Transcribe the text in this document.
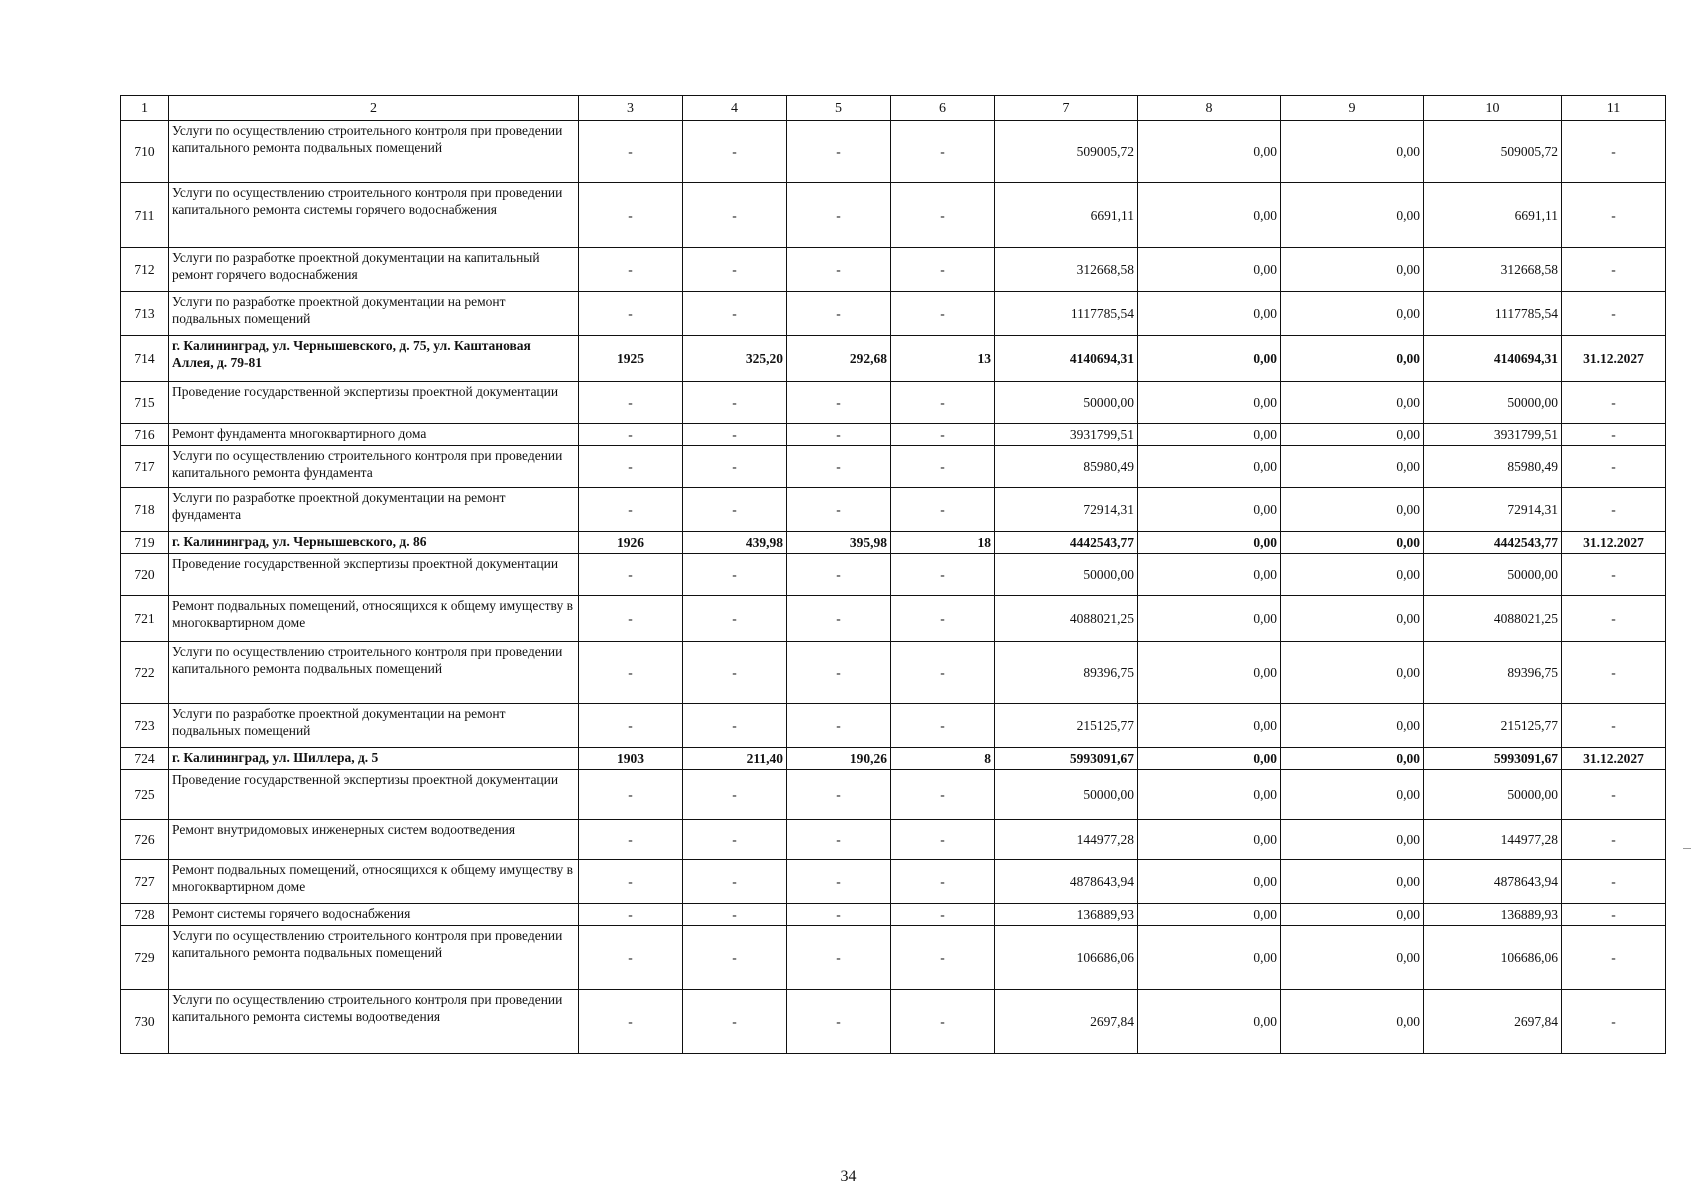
1	2	3	4	5	6	7	8	9	10	11
710	Услуги по осуществлению строительного контроля при проведении капитального ремонта подвальных помещений	-	-	-	-	509005,72	0,00	0,00	509005,72	-
711	Услуги по осуществлению строительного контроля при проведении капитального ремонта системы горячего водоснабжения	-	-	-	-	6691,11	0,00	0,00	6691,11	-
712	Услуги по разработке проектной документации на капитальный ремонт горячего водоснабжения	-	-	-	-	312668,58	0,00	0,00	312668,58	-
713	Услуги по разработке проектной документации на ремонт подвальных помещений	-	-	-	-	1117785,54	0,00	0,00	1117785,54	-
714	г. Калининград, ул. Чернышевского, д. 75, ул. Каштановая Аллея, д. 79-81	1925	325,20	292,68	13	4140694,31	0,00	0,00	4140694,31	31.12.2027
715	Проведение государственной экспертизы проектной документации	-	-	-	-	50000,00	0,00	0,00	50000,00	-
716	Ремонт фундамента многоквартирного дома	-	-	-	-	3931799,51	0,00	0,00	3931799,51	-
717	Услуги по осуществлению строительного контроля при проведении капитального ремонта фундамента	-	-	-	-	85980,49	0,00	0,00	85980,49	-
718	Услуги по разработке проектной документации на ремонт фундамента	-	-	-	-	72914,31	0,00	0,00	72914,31	-
719	г. Калининград, ул. Чернышевского, д. 86	1926	439,98	395,98	18	4442543,77	0,00	0,00	4442543,77	31.12.2027
720	Проведение государственной экспертизы проектной документации	-	-	-	-	50000,00	0,00	0,00	50000,00	-
721	Ремонт подвальных помещений, относящихся к общему имуществу в многоквартирном доме	-	-	-	-	4088021,25	0,00	0,00	4088021,25	-
722	Услуги по осуществлению строительного контроля при проведении капитального ремонта подвальных помещений	-	-	-	-	89396,75	0,00	0,00	89396,75	-
723	Услуги по разработке проектной документации на ремонт подвальных помещений	-	-	-	-	215125,77	0,00	0,00	215125,77	-
724	г. Калининград, ул. Шиллера, д. 5	1903	211,40	190,26	8	5993091,67	0,00	0,00	5993091,67	31.12.2027
725	Проведение государственной экспертизы проектной документации	-	-	-	-	50000,00	0,00	0,00	50000,00	-
726	Ремонт внутридомовых инженерных систем водоотведения	-	-	-	-	144977,28	0,00	0,00	144977,28	-
727	Ремонт подвальных помещений, относящихся к общему имуществу в многоквартирном доме	-	-	-	-	4878643,94	0,00	0,00	4878643,94	-
728	Ремонт системы горячего водоснабжения	-	-	-	-	136889,93	0,00	0,00	136889,93	-
729	Услуги по осуществлению строительного контроля при проведении капитального ремонта подвальных помещений	-	-	-	-	106686,06	0,00	0,00	106686,06	-
730	Услуги по осуществлению строительного контроля при проведении капитального ремонта системы водоотведения	-	-	-	-	2697,84	0,00	0,00	2697,84	-
34
